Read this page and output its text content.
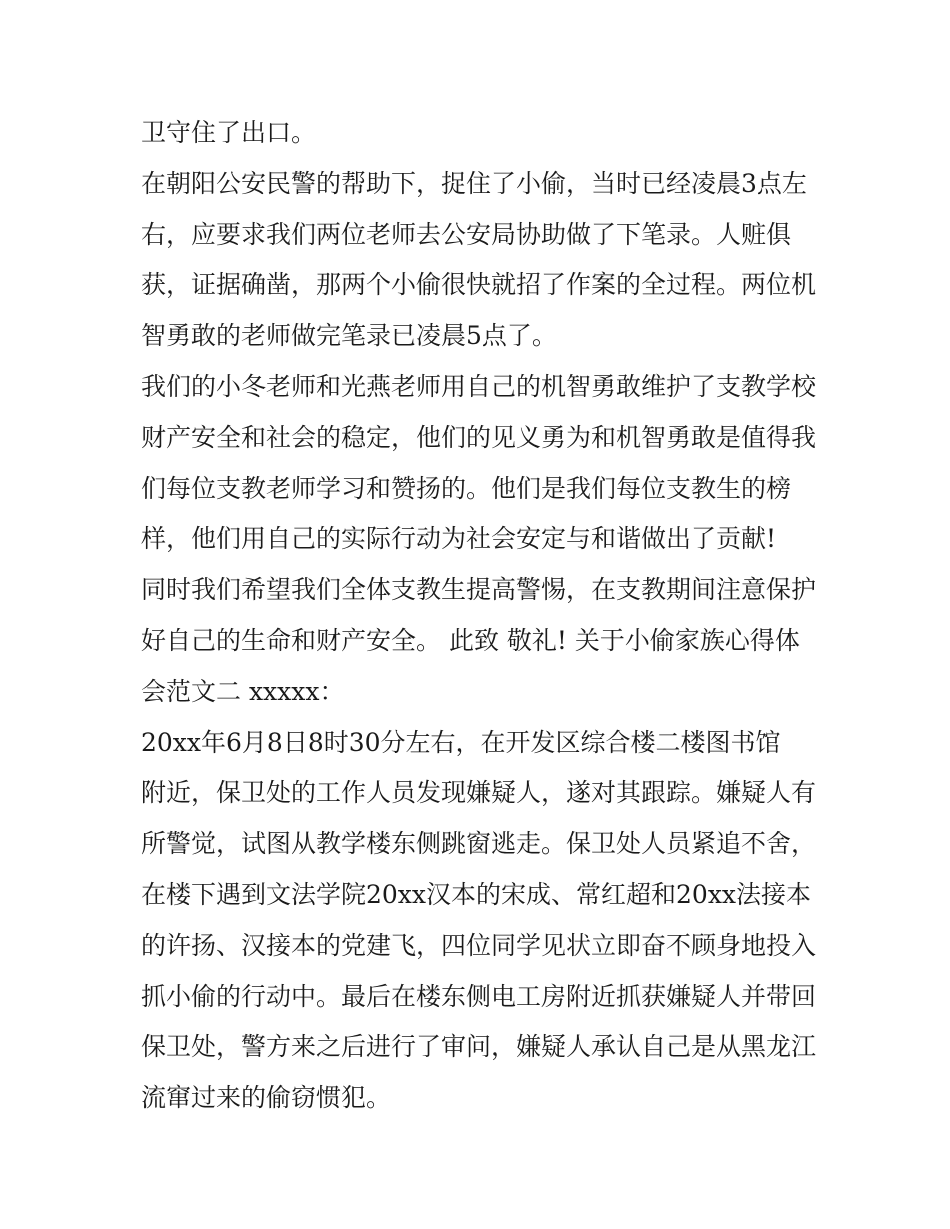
卫守住了出口。
在朝阳公安民警的帮助下，捉住了小偷，当时已经凌晨3点左
右，应要求我们两位老师去公安局协助做了下笔录。人赃俱
获，证据确凿，那两个小偷很快就招了作案的全过程。两位机
智勇敢的老师做完笔录已凌晨5点了。
我们的小冬老师和光燕老师用自己的机智勇敢维护了支教学校
财产安全和社会的稳定，他们的见义勇为和机智勇敢是值得我
们每位支教老师学习和赞扬的。他们是我们每位支教生的榜
样，他们用自己的实际行动为社会安定与和谐做出了贡献!
同时我们希望我们全体支教生提高警惕，在支教期间注意保护
好自己的生命和财产安全。 此致 敬礼! 关于小偷家族心得体
会范文二 xxxxx：
20xx年6月8日8时30分左右，在开发区综合楼二楼图书馆
附近，保卫处的工作人员发现嫌疑人，遂对其跟踪。嫌疑人有
所警觉，试图从教学楼东侧跳窗逃走。保卫处人员紧追不舍，
在楼下遇到文法学院20xx汉本的宋成、常红超和20xx法接本
的许扬、汉接本的党建飞，四位同学见状立即奋不顾身地投入
抓小偷的行动中。最后在楼东侧电工房附近抓获嫌疑人并带回
保卫处，警方来之后进行了审问，嫌疑人承认自己是从黑龙江
流窜过来的偷窃惯犯。
